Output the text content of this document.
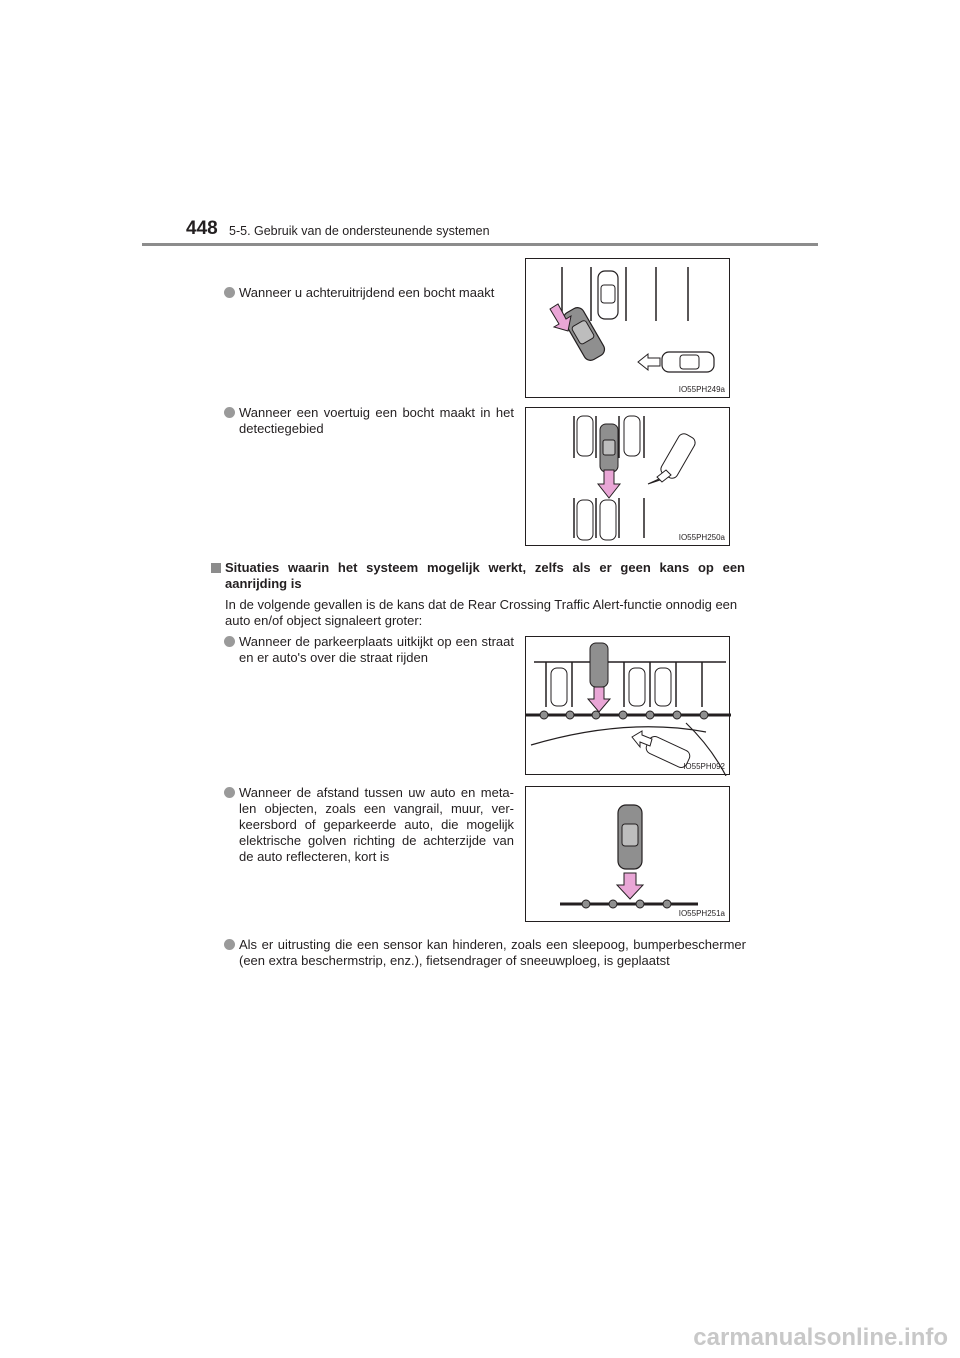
448 5-5. Gebruik van de ondersteunende systemen
Wanneer u achteruitrijdend een bocht maakt
IO55PH249a
Wanneer een voertuig een bocht maakt in het detectiegebied
IO55PH250a
Situaties waarin het systeem mogelijk werkt, zelfs als er geen kans op een aanrijding is
In de volgende gevallen is de kans dat de Rear Crossing Traffic Alert-functie onnodig een auto en/of object signaleert groter:
Wanneer de parkeerplaats uitkijkt op een straat en er auto's over die straat rijden
IO55PH092
Wanneer de afstand tussen uw auto en meta-len objecten, zoals een vangrail, muur, ver-keersbord of geparkeerde auto, die mogelijk elektrische golven richting de achterzijde van de auto reflecteren, kort is
IO55PH251a
Als er uitrusting die een sensor kan hinderen, zoals een sleepoog, bumperbeschermer (een extra beschermstrip, enz.), fietsendrager of sneeuwploeg, is geplaatst
carmanualsonline.info
